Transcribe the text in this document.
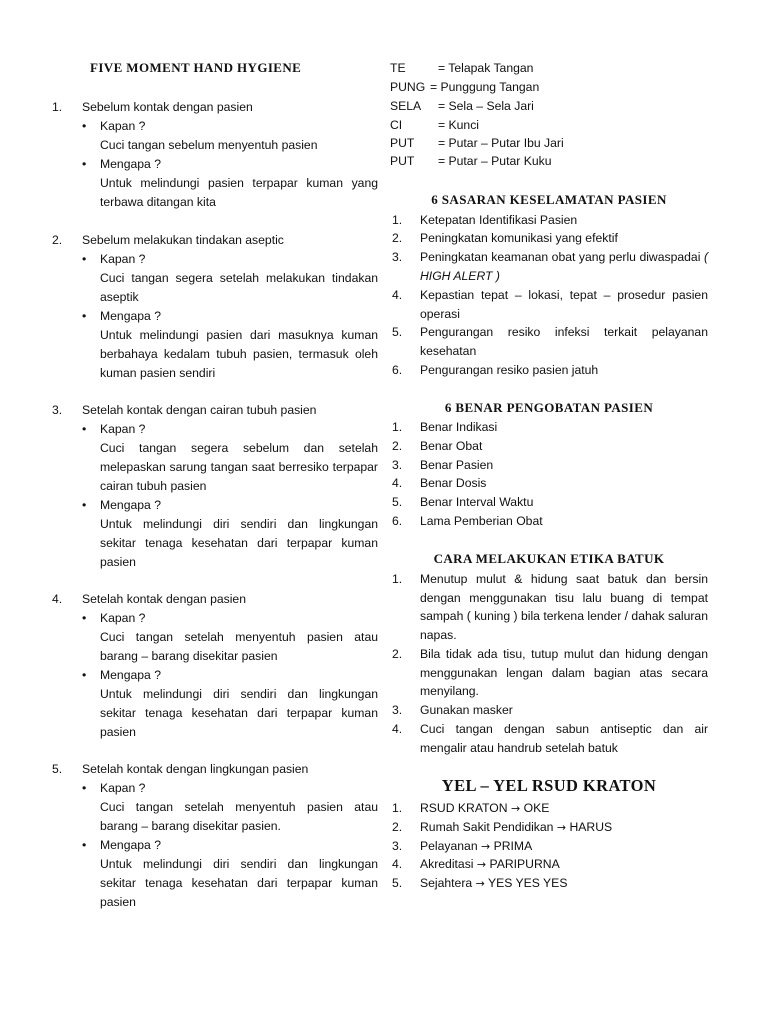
FIVE MOMENT HAND HYGIENE
1. Sebelum kontak dengan pasien
Kapan ?
Cuci tangan sebelum menyentuh pasien
Mengapa ?
Untuk melindungi pasien terpapar kuman yang terbawa ditangan kita
2. Sebelum melakukan tindakan aseptic
Kapan ?
Cuci tangan segera setelah melakukan tindakan aseptik
Mengapa ?
Untuk melindungi pasien dari masuknya kuman berbahaya kedalam tubuh pasien, termasuk oleh kuman pasien sendiri
3. Setelah kontak dengan cairan tubuh pasien
Kapan ?
Cuci tangan segera sebelum dan setelah melepaskan sarung tangan saat berresiko terpapar cairan tubuh pasien
Mengapa ?
Untuk melindungi diri sendiri dan lingkungan sekitar tenaga kesehatan dari terpapar kuman pasien
4. Setelah kontak dengan pasien
Kapan ?
Cuci tangan setelah menyentuh pasien atau barang – barang disekitar pasien
Mengapa ?
Untuk melindungi diri sendiri dan lingkungan sekitar tenaga kesehatan dari terpapar kuman pasien
5. Setelah kontak dengan lingkungan pasien
Kapan ?
Cuci tangan setelah menyentuh pasien atau barang – barang disekitar pasien.
Mengapa ?
Untuk melindungi diri sendiri dan lingkungan sekitar tenaga kesehatan dari terpapar kuman pasien
TE	= Telapak Tangan
PUNG = Punggung Tangan
SELA = Sela – Sela Jari
CI	= Kunci
PUT = Putar – Putar Ibu Jari
PUT = Putar – Putar Kuku
6 SASARAN KESELAMATAN PASIEN
1. Ketepatan Identifikasi Pasien
2. Peningkatan komunikasi yang efektif
3. Peningkatan keamanan obat yang perlu diwaspadai ( HIGH ALERT )
4. Kepastian tepat – lokasi, tepat – prosedur pasien operasi
5. Pengurangan resiko infeksi terkait pelayanan kesehatan
6. Pengurangan resiko pasien jatuh
6 BENAR PENGOBATAN PASIEN
1. Benar Indikasi
2. Benar Obat
3. Benar Pasien
4. Benar Dosis
5. Benar Interval Waktu
6. Lama Pemberian Obat
CARA MELAKUKAN ETIKA BATUK
1. Menutup mulut & hidung saat batuk dan bersin dengan menggunakan tisu lalu buang di tempat sampah ( kuning ) bila terkena lender / dahak saluran napas.
2. Bila tidak ada tisu, tutup mulut dan hidung dengan menggunakan lengan dalam bagian atas secara menyilang.
3. Gunakan masker
4. Cuci tangan dengan sabun antiseptic dan air mengalir atau handrub setelah batuk
YEL – YEL RSUD KRATON
1. RSUD KRATON → OKE
2. Rumah Sakit Pendidikan → HARUS
3. Pelayanan → PRIMA
4. Akreditasi → PARIPURNA
5. Sejahtera → YES YES YES
